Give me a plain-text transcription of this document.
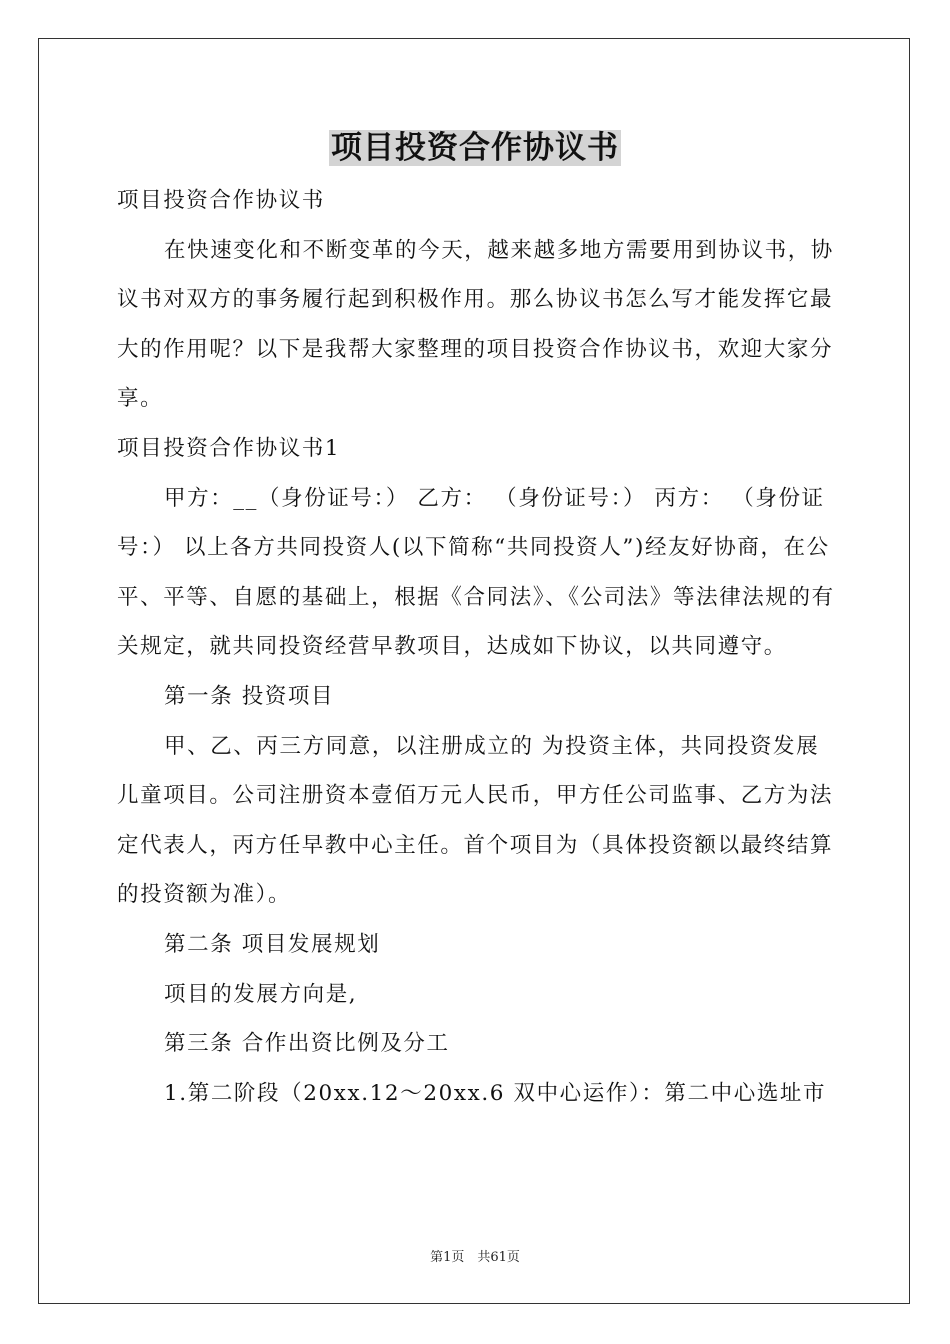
项目投资合作协议书

项目投资合作协议书

在快速变化和不断变革的今天，越来越多地方需要用到协议书，协议书对双方的事务履行起到积极作用。那么协议书怎么写才能发挥它最大的作用呢？以下是我帮大家整理的项目投资合作协议书，欢迎大家分享。

项目投资合作协议书1

甲方：__（身份证号：） 乙方： （身份证号：） 丙方： （身份证号：） 以上各方共同投资人(以下简称“共同投资人”)经友好协商，在公平、平等、自愿的基础上，根据《合同法》、《公司法》等法律法规的有关规定，就共同投资经营早教项目，达成如下协议，以共同遵守。

第一条 投资项目

甲、乙、丙三方同意，以注册成立的 为投资主体，共同投资发展儿童项目。公司注册资本壹佰万元人民币，甲方任公司监事、乙方为法定代表人，丙方任早教中心主任。首个项目为（具体投资额以最终结算的投资额为准）。

第二条 项目发展规划

项目的发展方向是,

第三条 合作出资比例及分工

1.第二阶段（20xx.12～20xx.6 双中心运作）：第二中心选址市

第1页　共61页
